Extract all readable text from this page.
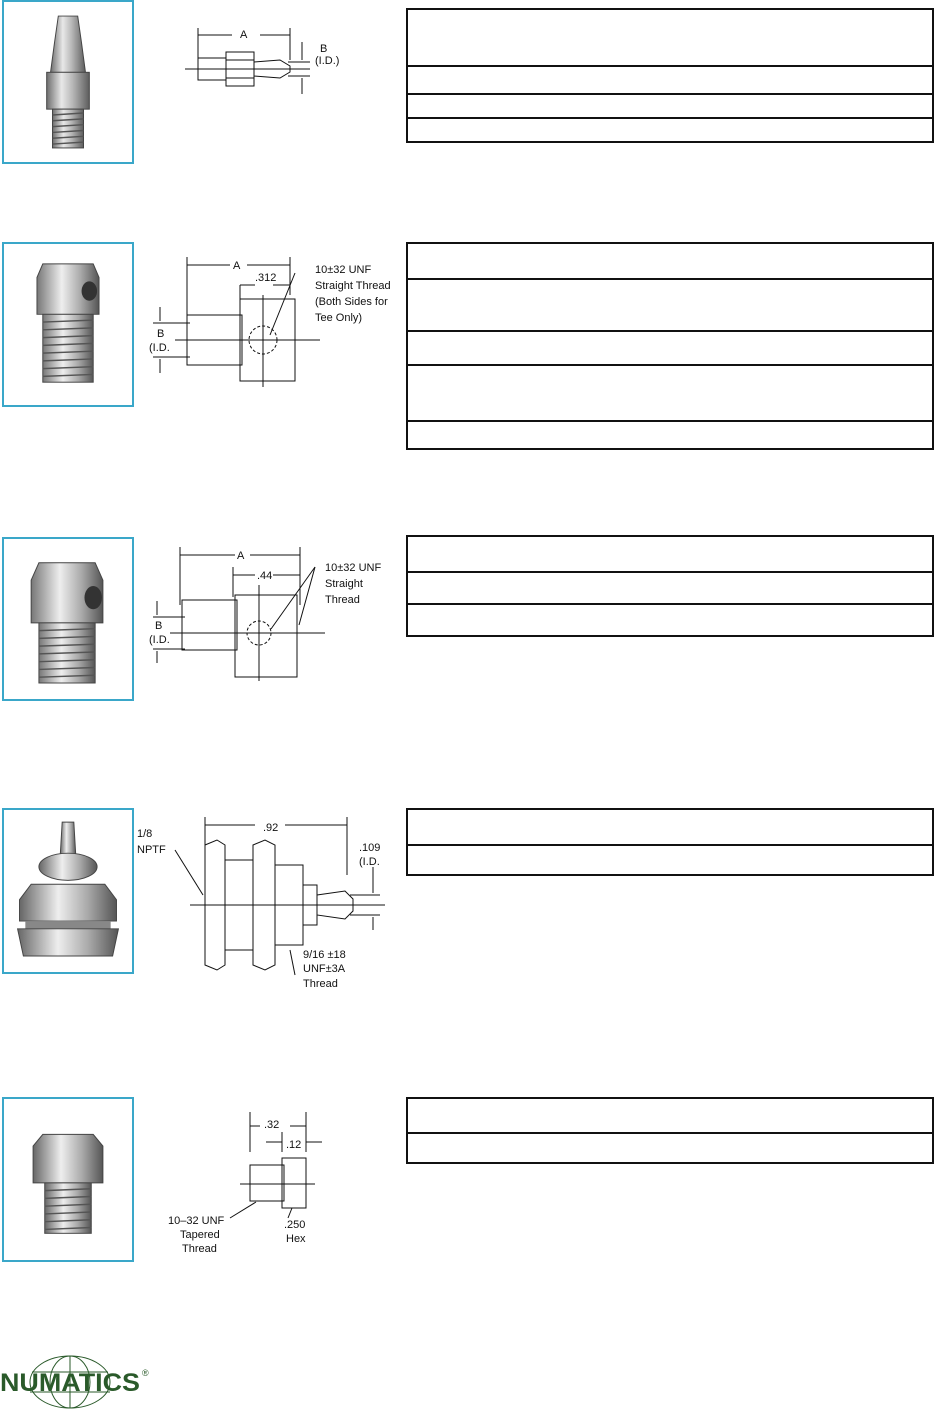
A
B
(I.D.)
A
.312
10±32 UNF
Straight Thread
(Both Sides for
Tee Only)
B
(I.D.
A
.44
10±32 UNF
Straight
Thread
B
(I.D.
1/8
NPTF
.92
.109
(I.D.
9/16 ±18
UNF±3A
Thread
.32
.12
10–32 UNF
Tapered
Thread
.250
Hex
NUMATICS ®
